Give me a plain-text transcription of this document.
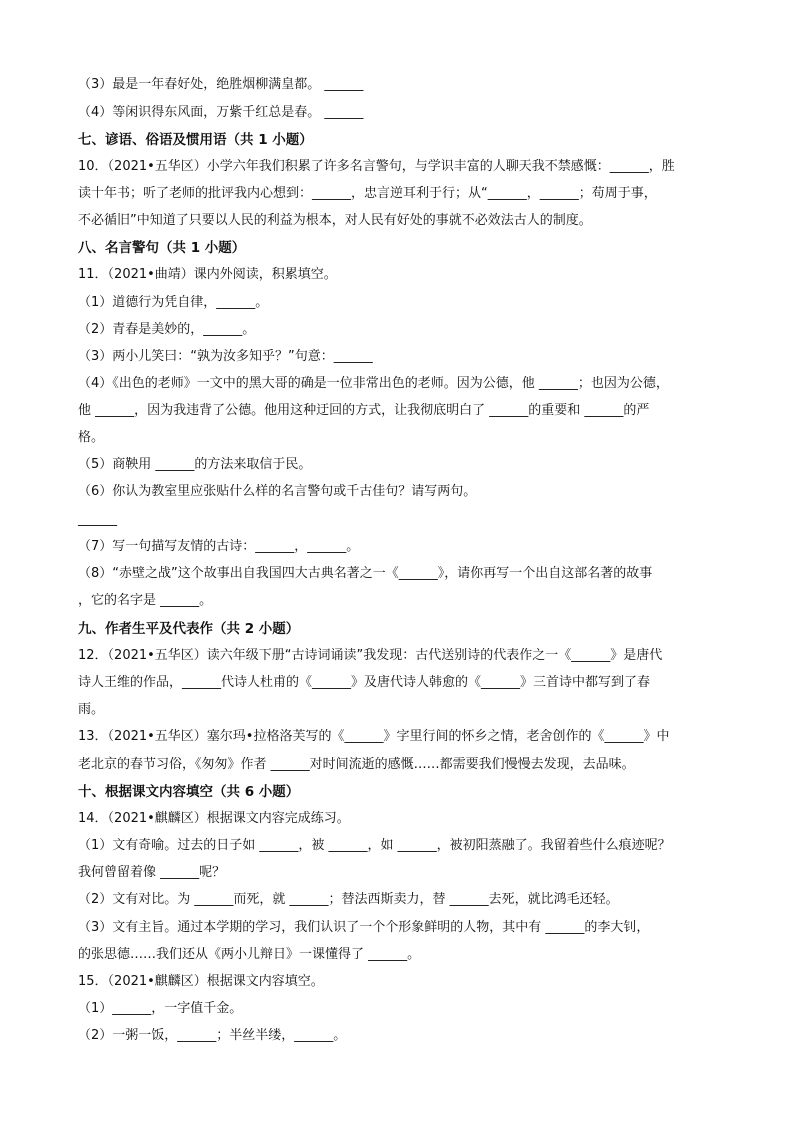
（3）最是一年春好处，绝胜烟柳满皇都。 ______
（4）等闲识得东风面，万紫千红总是春。 ______
七、谚语、俗语及惯用语（共 1 小题）
10．（2021•五华区）小学六年我们积累了许多名言警句，与学识丰富的人聊天我不禁感慨：______，胜
读十年书；听了老师的批评我内心想到：______，忠言逆耳利于行；从“______，______；苟周于事，
不必循旧”中知道了只要以人民的利益为根本，对人民有好处的事就不必效法古人的制度。
八、名言警句（共 1 小题）
11．（2021•曲靖）课内外阅读，积累填空。
（1）道德行为凭自律，______。
（2）青春是美妙的，______。
（3）两小儿笑曰：“孰为汝多知乎？”句意：______
（4）《出色的老师》一文中的黑大哥的确是一位非常出色的老师。因为公德，他 ______；也因为公德，
他 ______，因为我违背了公德。他用这种迂回的方式，让我彻底明白了 ______的重要和 ______的严
格。
（5）商鞅用 ______的方法来取信于民。
（6）你认为教室里应张贴什么样的名言警句或千古佳句？请写两句。
______
（7）写一句描写友情的古诗：______，______。
（8）“赤壁之战”这个故事出自我国四大古典名著之一《______》，请你再写一个出自这部名著的故事
，它的名字是 ______。
九、作者生平及代表作（共 2 小题）
12．（2021•五华区）读六年级下册“古诗词诵读”我发现：古代送别诗的代表作之一《______》是唐代
诗人王维的作品，______代诗人杜甫的《______》及唐代诗人韩愈的《______》三首诗中都写到了春
雨。
13．（2021•五华区）塞尔玛•拉格洛芙写的《______》字里行间的怀乡之情，老舍创作的《______》中
老北京的春节习俗，《匆匆》作者 ______对时间流逝的感慨……都需要我们慢慢去发现，去品味。
十、根据课文内容填空（共 6 小题）
14．（2021•麒麟区）根据课文内容完成练习。
（1）文有奇喻。过去的日子如 ______，被 ______，如 ______，被初阳蒸融了。我留着些什么痕迹呢？
我何曾留着像 ______呢？
（2）文有对比。为 ______而死，就 ______；替法西斯卖力，替 ______去死，就比鸿毛还轻。
（3）文有主旨。通过本学期的学习，我们认识了一个个形象鲜明的人物，其中有 ______的李大钊，
的张思德……我们还从《两小儿辩日》一课懂得了 ______。
15．（2021•麒麟区）根据课文内容填空。
（1）______，一字值千金。
（2）一粥一饭，______；半丝半缕，______。
